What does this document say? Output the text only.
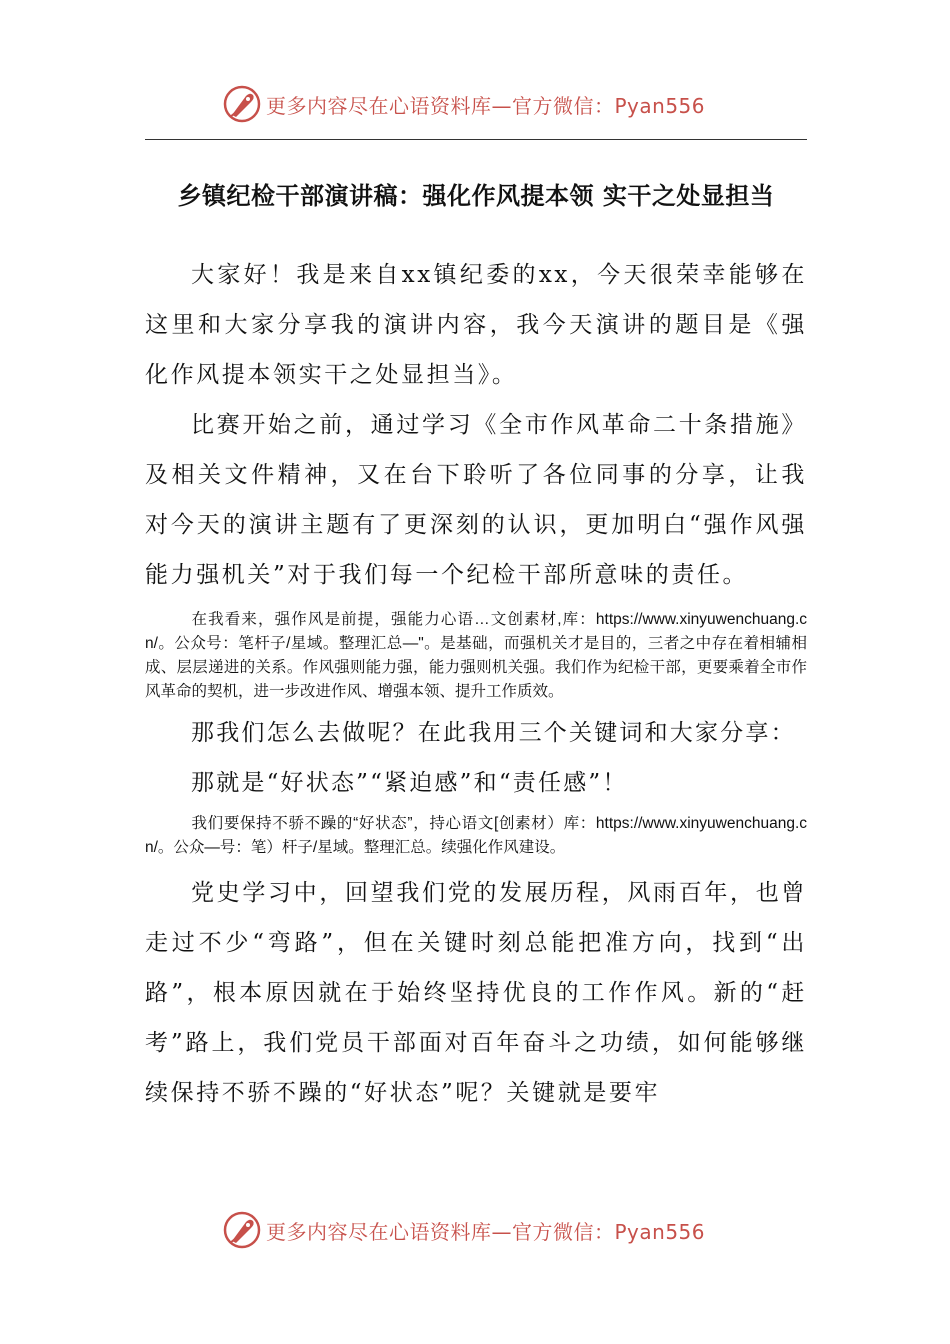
更多内容尽在心语资料库—官方微信：Pyan556
乡镇纪检干部演讲稿：强化作风提本领 实干之处显担当

大家好！我是来自xx镇纪委的xx，今天很荣幸能够在这里和大家分享我的演讲内容，我今天演讲的题目是《强化作风提本领实干之处显担当》。

比赛开始之前，通过学习《全市作风革命二十条措施》及相关文件精神，又在台下聆听了各位同事的分享，让我对今天的演讲主题有了更深刻的认识，更加明白“强作风强能力强机关”对于我们每一个纪检干部所意味的责任。

在我看来，强作风是前提，强能力心语…文创素材,库：https://www.xinyuwenchuang.cn/。公众号：笔杆子/星域。整理汇总—"。是基础，而强机关才是目的，三者之中存在着相辅相成、层层递进的关系。作风强则能力强，能力强则机关强。我们作为纪检干部，更要乘着全市作风革命的契机，进一步改进作风、增强本领、提升工作质效。

那我们怎么去做呢？在此我用三个关键词和大家分享：

那就是“好状态”“紧迫感”和“责任感”！

我们要保持不骄不躁的“好状态”，持心语文[创素材）库：https://www.xinyuwenchuang.cn/。公众—号：笔）杆子/星域。整理汇总。续强化作风建设。

党史学习中，回望我们党的发展历程，风雨百年，也曾走过不少“弯路”，但在关键时刻总能把准方向，找到“出路”，根本原因就在于始终坚持优良的工作作风。新的“赶考”路上，我们党员干部面对百年奋斗之功绩，如何能够继续保持不骄不躁的“好状态”呢？关键就是要牢

更多内容尽在心语资料库—官方微信：Pyan556
